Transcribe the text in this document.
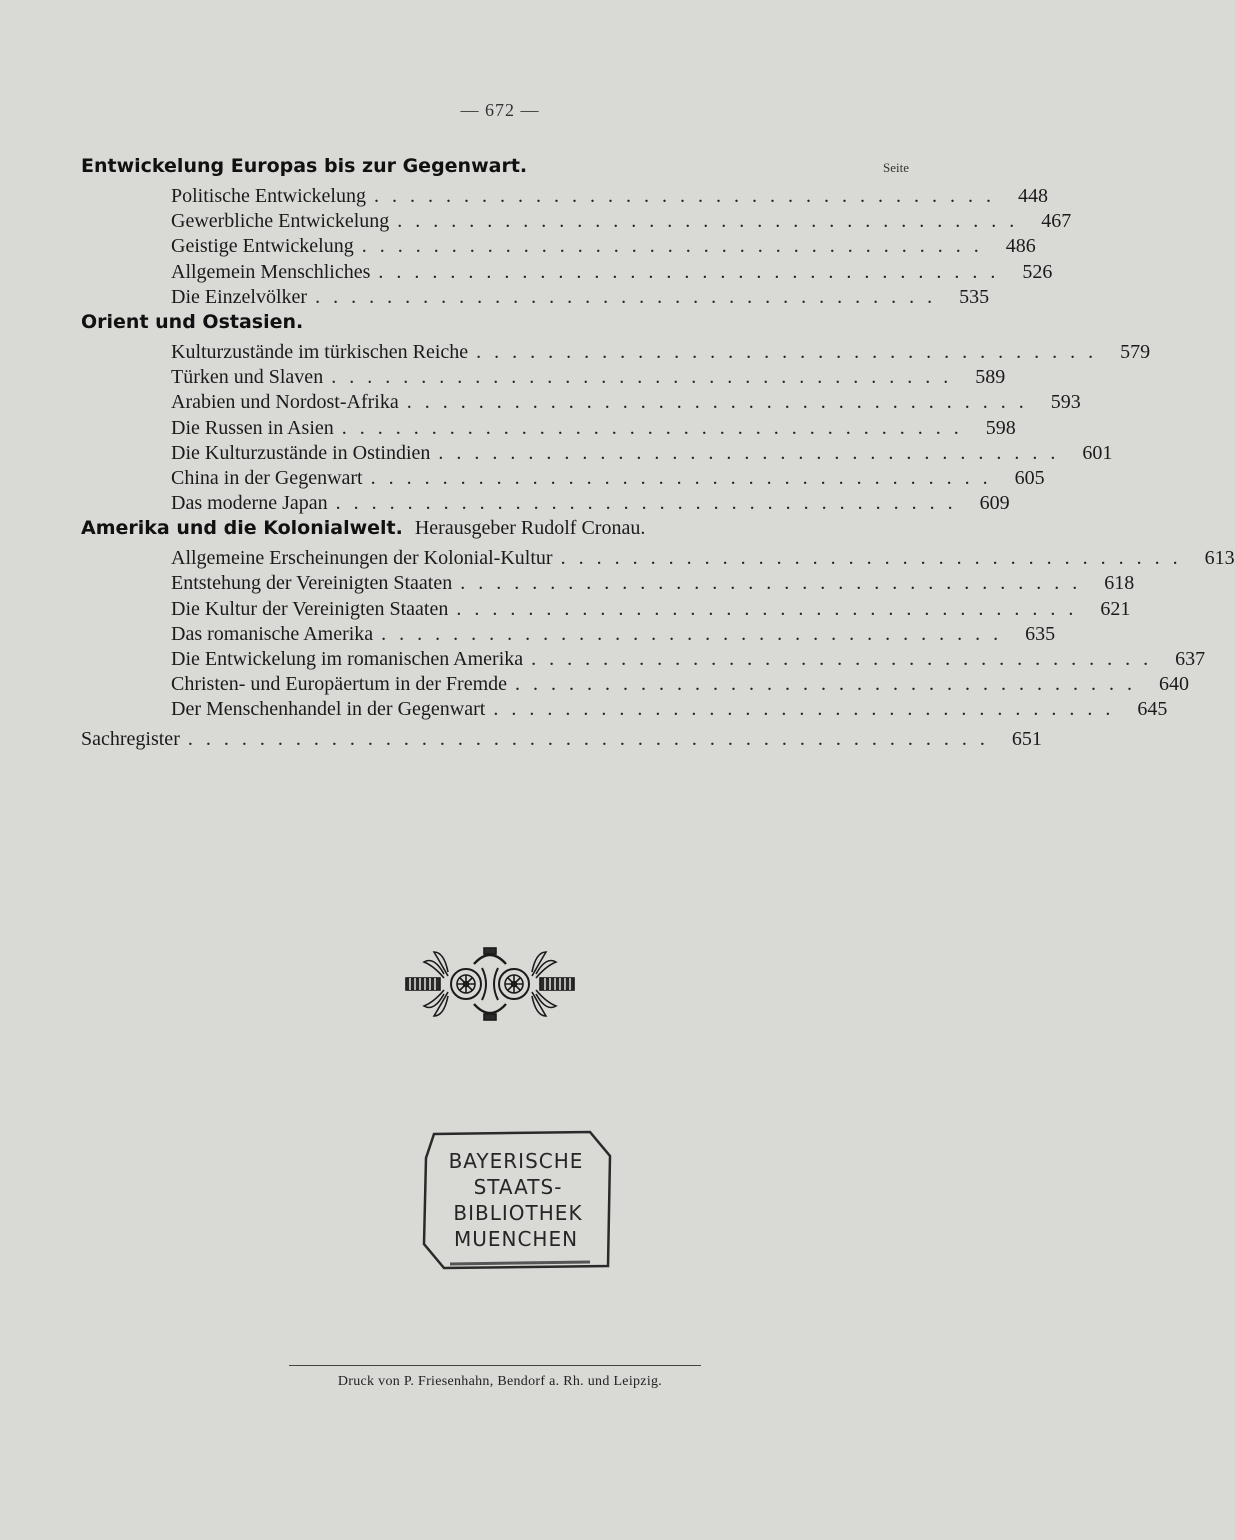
— 672 —
Entwickelung Europas bis zur Gegenwart.	Seite
Politische Entwickelung ................................... 448
Gewerbliche Entwickelung ................................... 467
Geistige Entwickelung ................................... 486
Allgemein Menschliches ................................... 526
Die Einzelvölker ................................... 535
Orient und Ostasien.
Kulturzustände im türkischen Reiche ................................... 579
Türken und Slaven ................................... 589
Arabien und Nordost-Afrika ................................... 593
Die Russen in Asien ................................... 598
Die Kulturzustände in Ostindien ................................... 601
China in der Gegenwart ................................... 605
Das moderne Japan ................................... 609
Amerika und die Kolonialwelt. Herausgeber Rudolf Cronau.
Allgemeine Erscheinungen der Kolonial-Kultur ................................... 613
Entstehung der Vereinigten Staaten ................................... 618
Die Kultur der Vereinigten Staaten ................................... 621
Das romanische Amerika ................................... 635
Die Entwickelung im romanischen Amerika ................................... 637
Christen- und Europäertum in der Fremde ................................... 640
Der Menschenhandel in der Gegenwart ................................... 645
Sachregister ............................................. 651
BAYERISCHE
STAATS-
BIBLIOTHEK
MUENCHEN
Druck von P. Friesenhahn, Bendorf a. Rh. und Leipzig.
